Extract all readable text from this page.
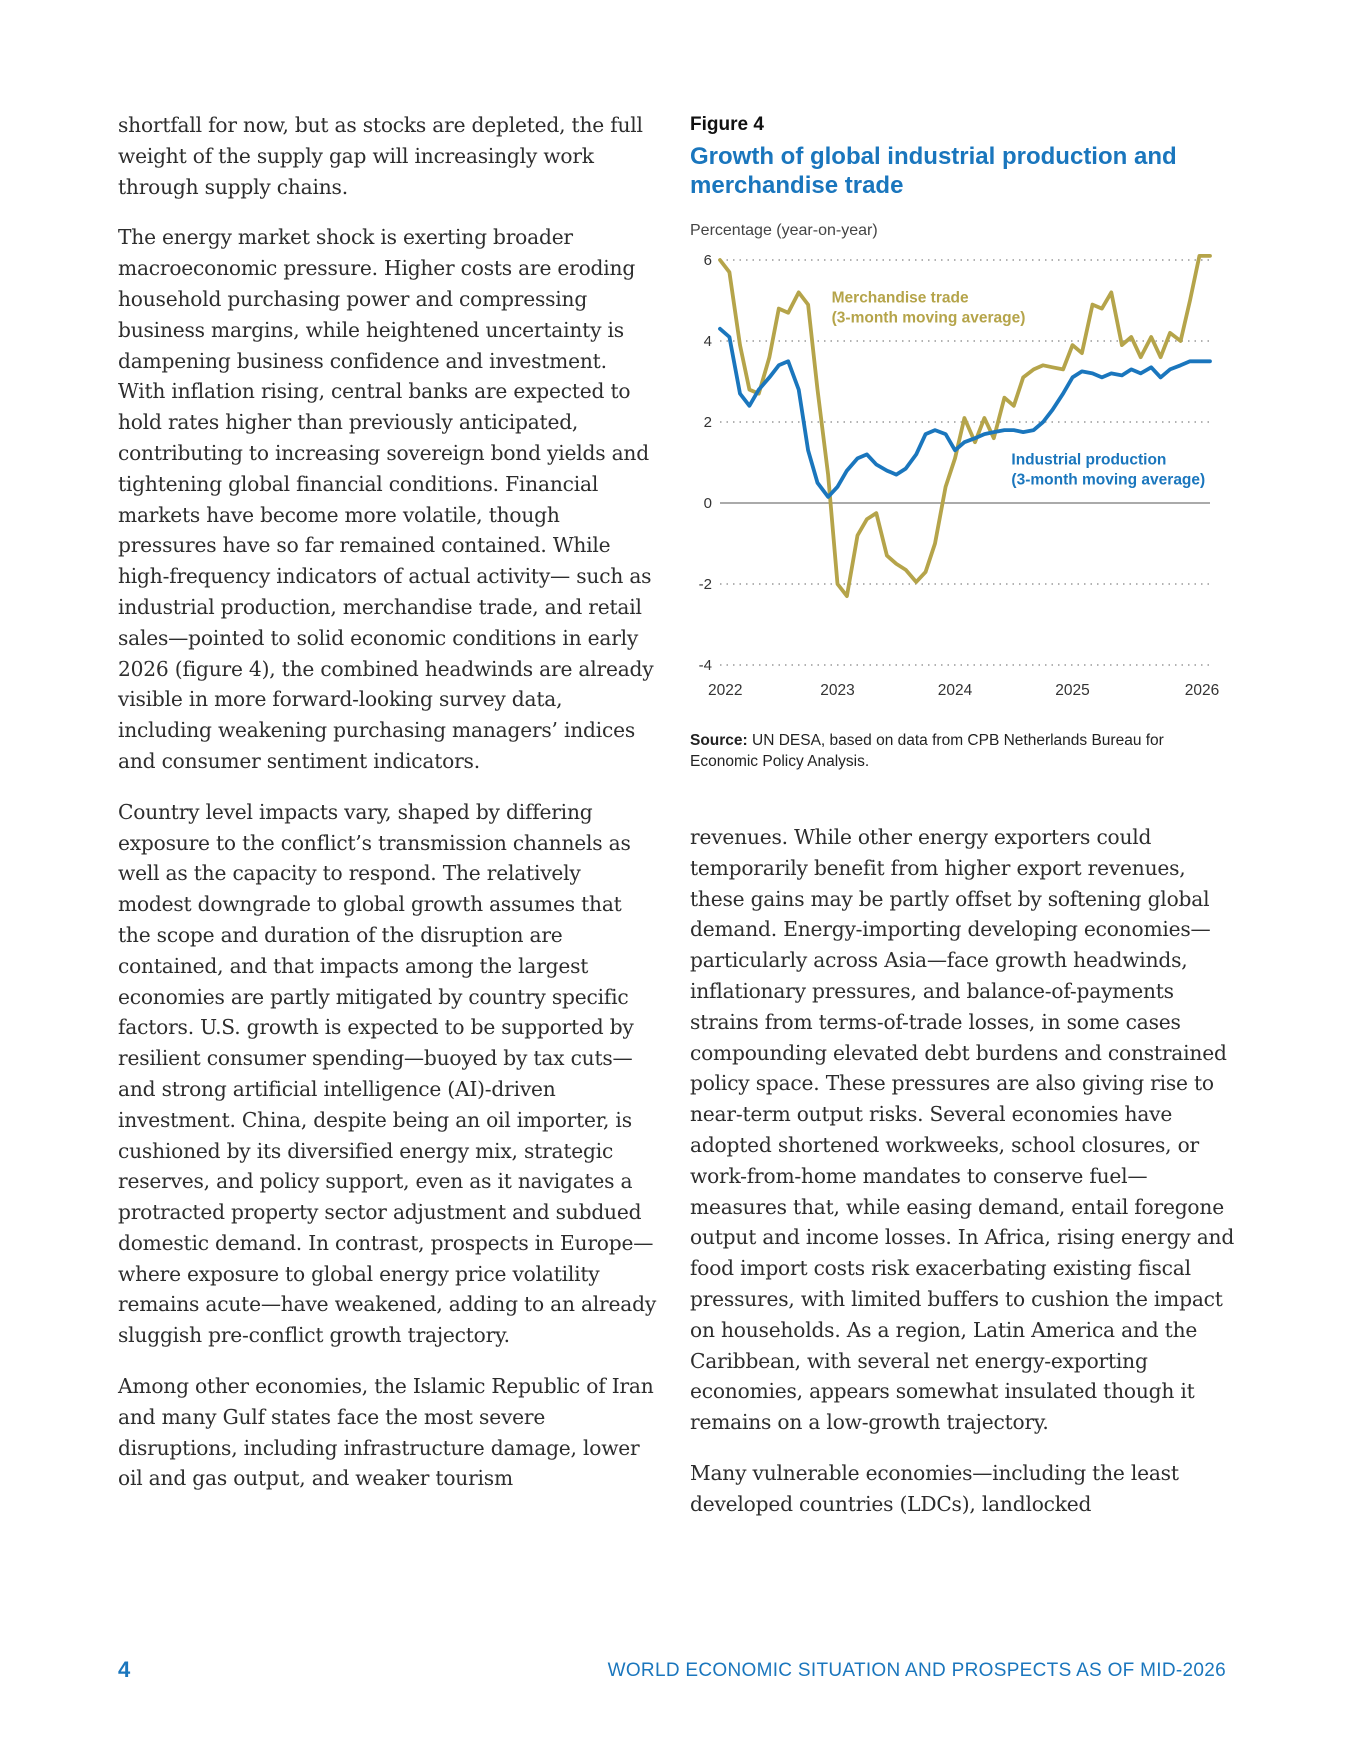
shortfall for now, but as stocks are depleted, the full weight of the supply gap will increasingly work through supply chains.

The energy market shock is exerting broader macroeconomic pressure. Higher costs are eroding household purchasing power and compressing business margins, while heightened uncertainty is dampening business confidence and investment. With inflation rising, central banks are expected to hold rates higher than previously anticipated, contributing to increasing sovereign bond yields and tightening global financial conditions. Financial markets have become more volatile, though pressures have so far remained contained. While high-frequency indicators of actual activity— such as industrial production, merchandise trade, and retail sales—pointed to solid economic conditions in early 2026 (figure 4), the combined headwinds are already visible in more forward-looking survey data, including weakening purchasing managers’ indices and consumer sentiment indicators.

Country level impacts vary, shaped by differing exposure to the conflict’s transmission channels as well as the capacity to respond. The relatively modest downgrade to global growth assumes that the scope and duration of the disruption are contained, and that impacts among the largest economies are partly mitigated by country specific factors. U.S. growth is expected to be supported by resilient consumer spending—buoyed by tax cuts—and strong artificial intelligence (AI)-driven investment. China, despite being an oil importer, is cushioned by its diversified energy mix, strategic reserves, and policy support, even as it navigates a protracted property sector adjustment and subdued domestic demand. In contrast, prospects in Europe—where exposure to global energy price volatility remains acute—have weakened, adding to an already sluggish pre-conflict growth trajectory.

Among other economies, the Islamic Republic of Iran and many Gulf states face the most severe disruptions, including infrastructure damage, lower oil and gas output, and weaker tourism

Figure 4
Growth of global industrial production and merchandise trade
Percentage (year-on-year)
6
4
2
0
-2
-4
2022	2023	2024	2025	2026
Merchandise trade
(3-month moving average)
Industrial production
(3-month moving average)
Source: UN DESA, based on data from CPB Netherlands Bureau for Economic Policy Analysis.

revenues. While other energy exporters could temporarily benefit from higher export revenues, these gains may be partly offset by softening global demand. Energy-importing developing economies—particularly across Asia—face growth headwinds, inflationary pressures, and balance-of-payments strains from terms-of-trade losses, in some cases compounding elevated debt burdens and constrained policy space. These pressures are also giving rise to near-term output risks. Several economies have adopted shortened workweeks, school closures, or work-from-home mandates to conserve fuel—measures that, while easing demand, entail foregone output and income losses. In Africa, rising energy and food import costs risk exacerbating existing fiscal pressures, with limited buffers to cushion the impact on households. As a region, Latin America and the Caribbean, with several net energy-exporting economies, appears somewhat insulated though it remains on a low-growth trajectory.

Many vulnerable economies—including the least developed countries (LDCs), landlocked

4	WORLD ECONOMIC SITUATION AND PROSPECTS AS OF MID-2026
